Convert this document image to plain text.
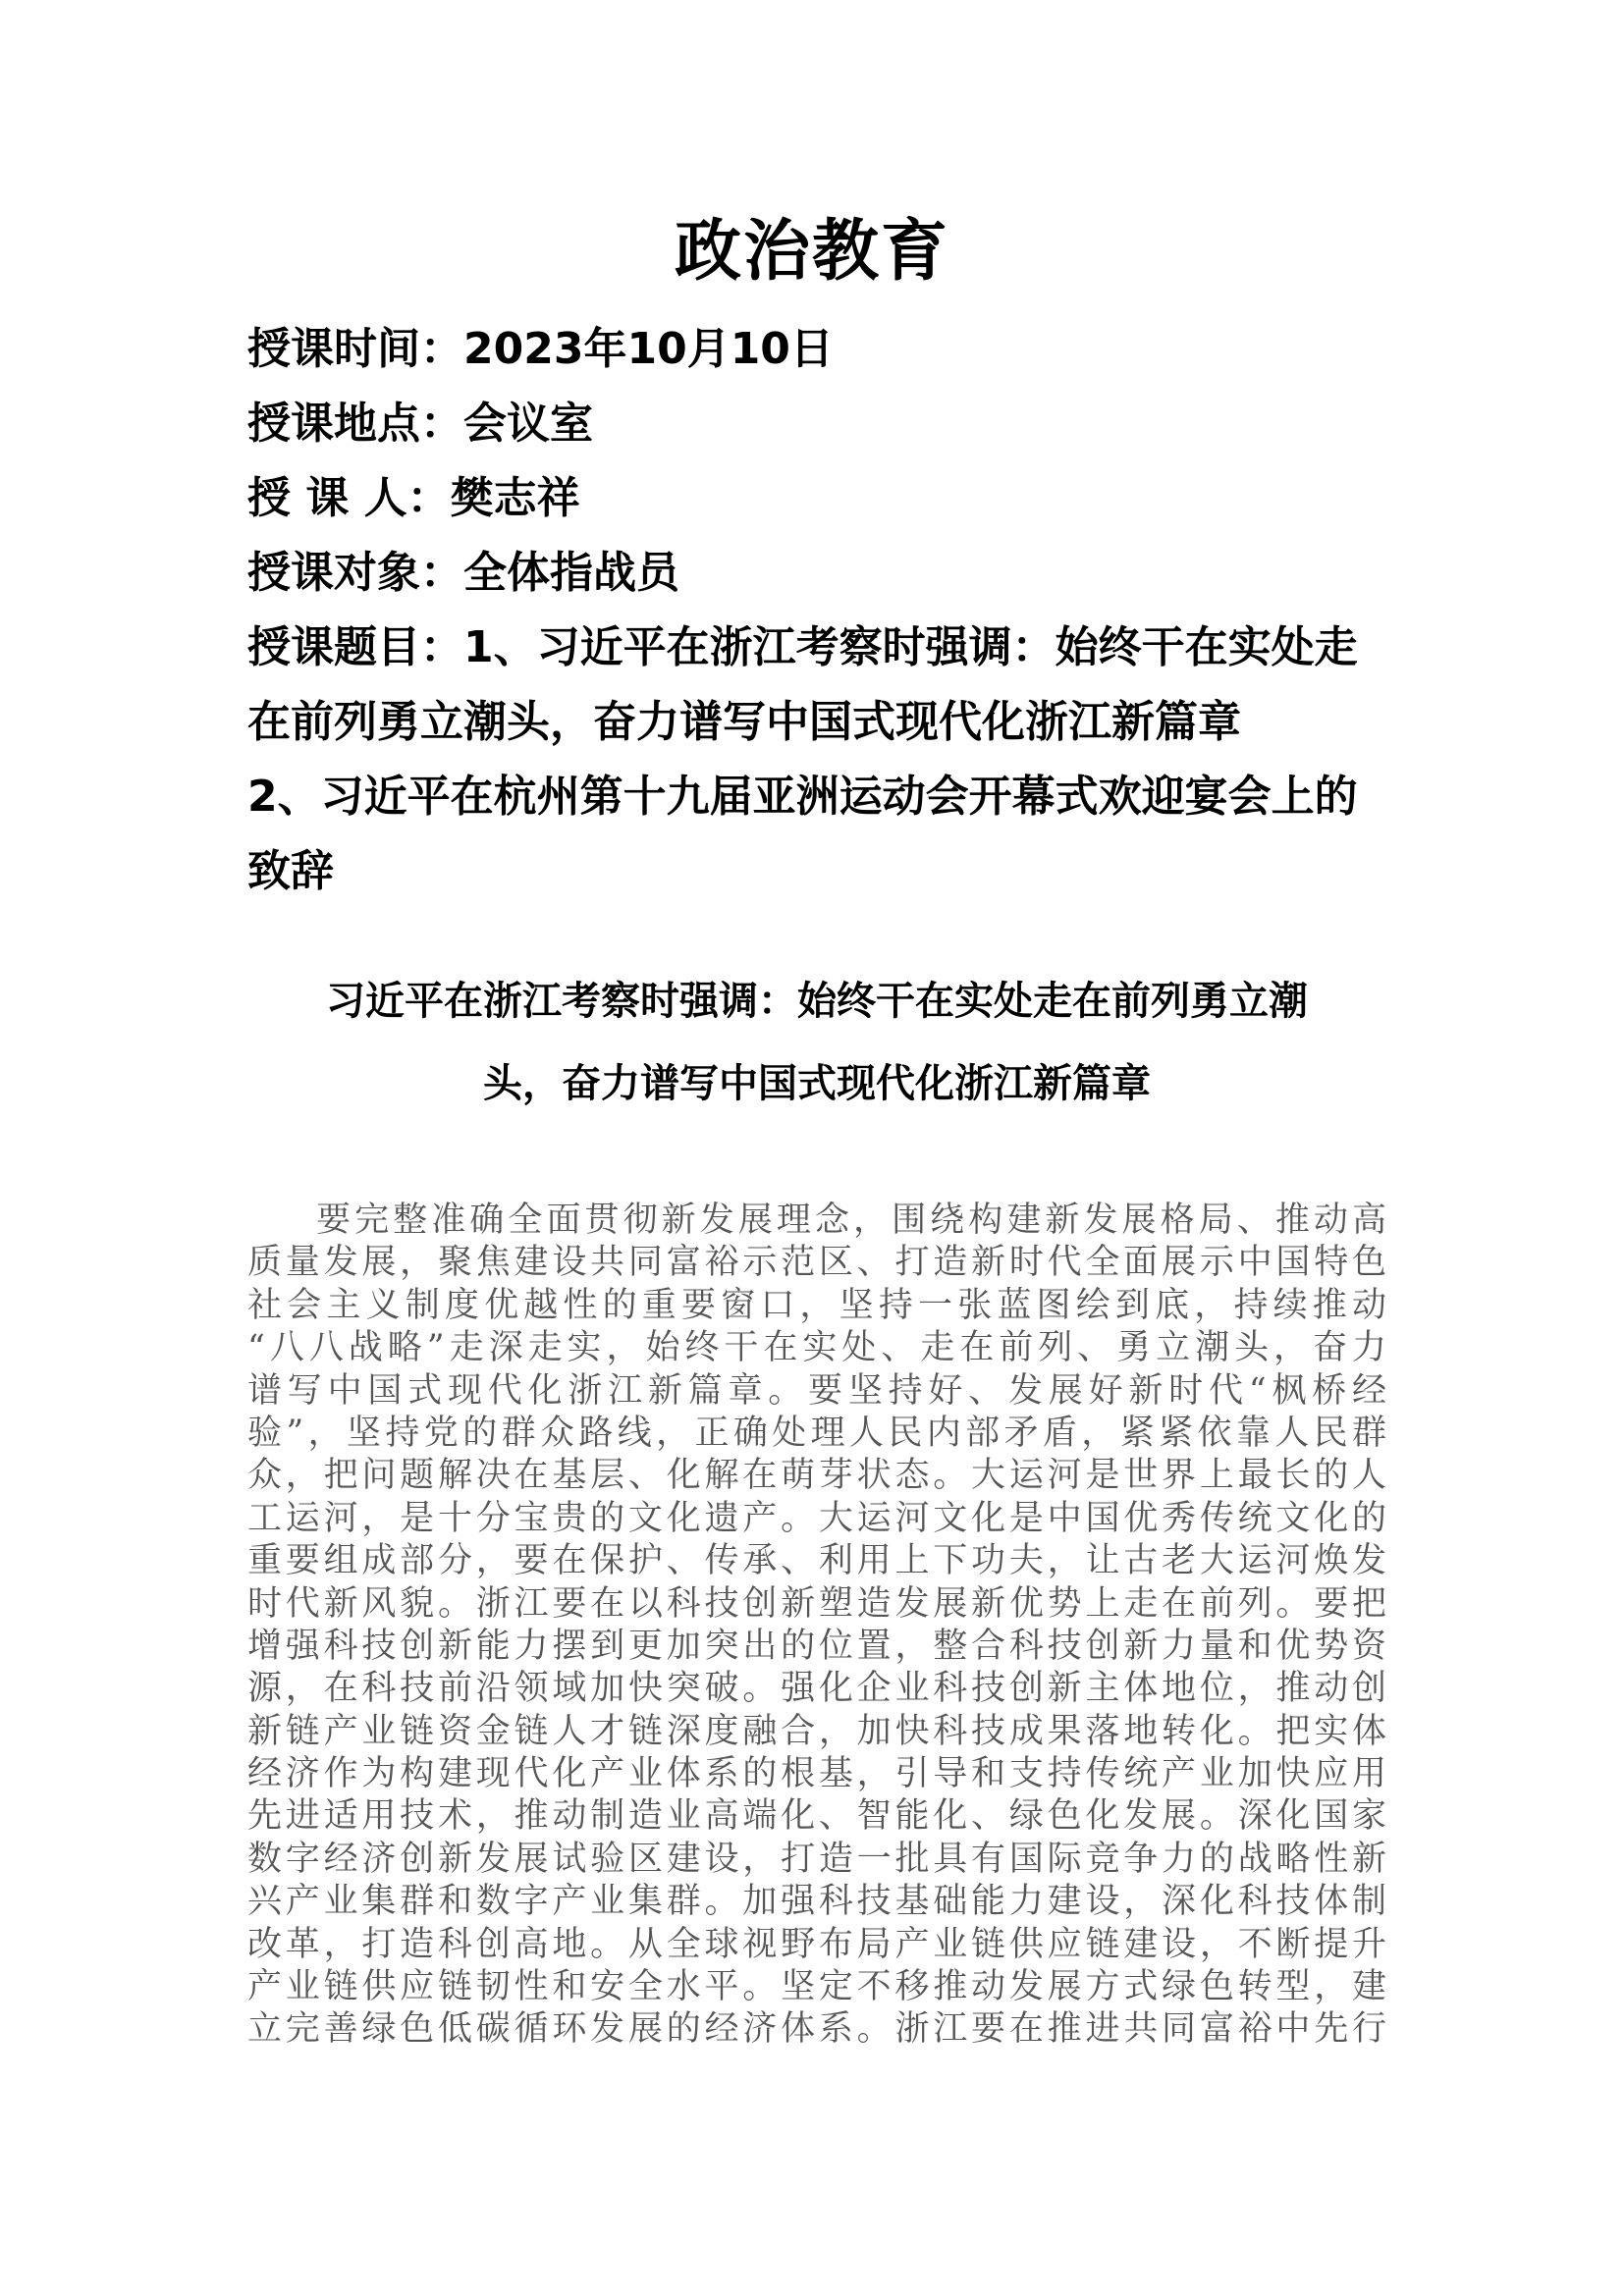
政治教育
授课时间：2023年10月10日
授课地点：会议室
授 课 人：樊志祥
授课对象：全体指战员
授课题目：1、习近平在浙江考察时强调：始终干在实处走
在前列勇立潮头，奋力谱写中国式现代化浙江新篇章
2、习近平在杭州第十九届亚洲运动会开幕式欢迎宴会上的
致辞
习近平在浙江考察时强调：始终干在实处走在前列勇立潮
头，奋力谱写中国式现代化浙江新篇章
要完整准确全面贯彻新发展理念，围绕构建新发展格局、推动高
质量发展，聚焦建设共同富裕示范区、打造新时代全面展示中国特色
社会主义制度优越性的重要窗口，坚持一张蓝图绘到底，持续推动
“八八战略”走深走实，始终干在实处、走在前列、勇立潮头，奋力
谱写中国式现代化浙江新篇章。要坚持好、发展好新时代“枫桥经
验”，坚持党的群众路线，正确处理人民内部矛盾，紧紧依靠人民群
众，把问题解决在基层、化解在萌芽状态。大运河是世界上最长的人
工运河，是十分宝贵的文化遗产。大运河文化是中国优秀传统文化的
重要组成部分，要在保护、传承、利用上下功夫，让古老大运河焕发
时代新风貌。浙江要在以科技创新塑造发展新优势上走在前列。要把
增强科技创新能力摆到更加突出的位置，整合科技创新力量和优势资
源，在科技前沿领域加快突破。强化企业科技创新主体地位，推动创
新链产业链资金链人才链深度融合，加快科技成果落地转化。把实体
经济作为构建现代化产业体系的根基，引导和支持传统产业加快应用
先进适用技术，推动制造业高端化、智能化、绿色化发展。深化国家
数字经济创新发展试验区建设，打造一批具有国际竞争力的战略性新
兴产业集群和数字产业集群。加强科技基础能力建设，深化科技体制
改革，打造科创高地。从全球视野布局产业链供应链建设，不断提升
产业链供应链韧性和安全水平。坚定不移推动发展方式绿色转型，建
立完善绿色低碳循环发展的经济体系。浙江要在推进共同富裕中先行
